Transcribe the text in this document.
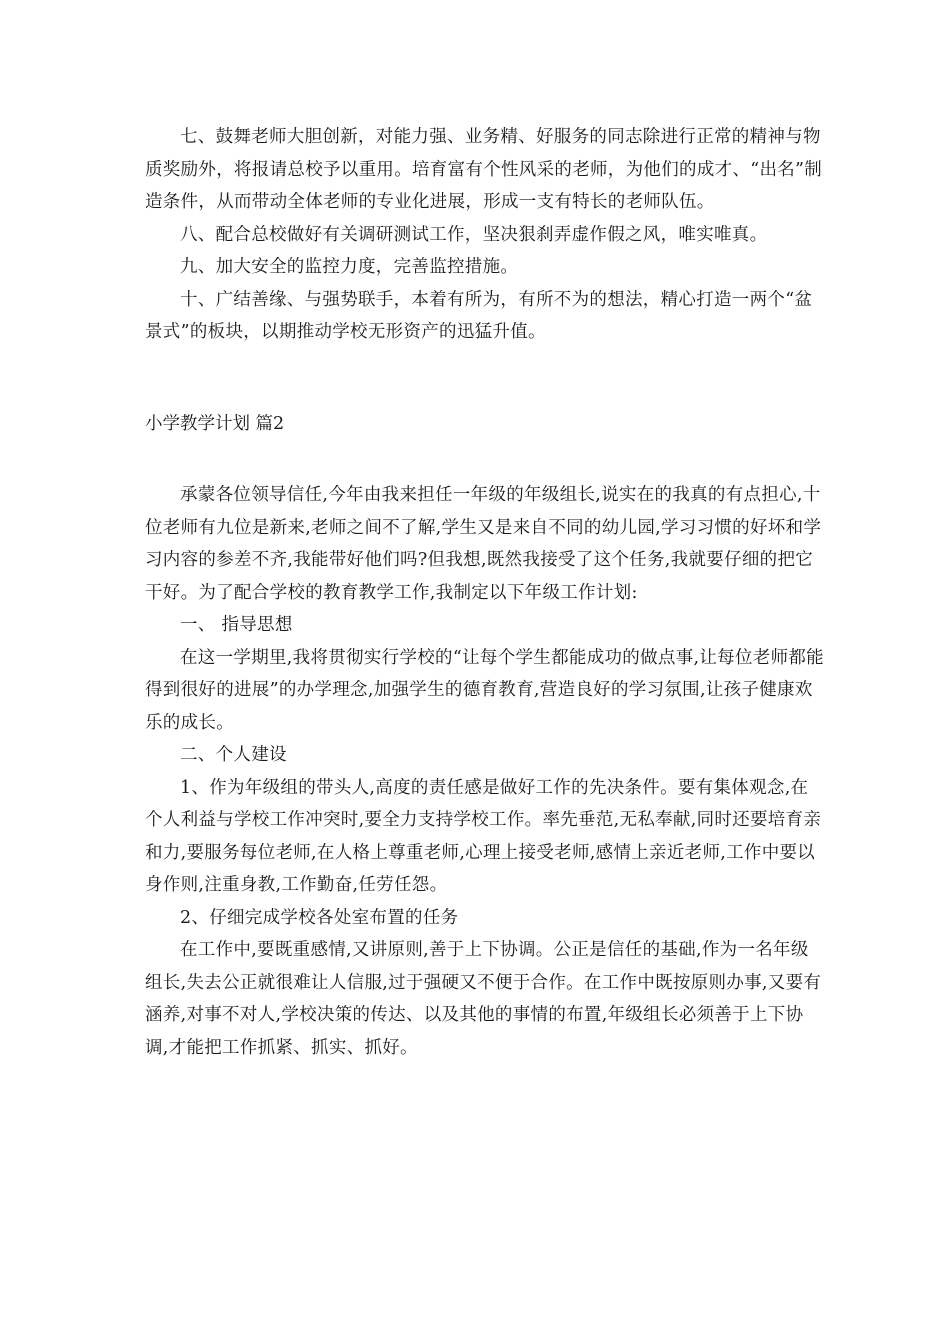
七、鼓舞老师大胆创新，对能力强、业务精、好服务的同志除进行正常的精神与物质奖励外，将报请总校予以重用。培育富有个性风采的老师，为他们的成才、“出名”制造条件，从而带动全体老师的专业化进展，形成一支有特长的老师队伍。

八、配合总校做好有关调研测试工作，坚决狠刹弄虚作假之风，唯实唯真。

九、加大安全的监控力度，完善监控措施。

十、广结善缘、与强势联手，本着有所为，有所不为的想法，精心打造一两个“盆景式”的板块，以期推动学校无形资产的迅猛升值。

小学教学计划 篇2

承蒙各位领导信任,今年由我来担任一年级的年级组长,说实在的我真的有点担心,十位老师有九位是新来,老师之间不了解,学生又是来自不同的幼儿园,学习习惯的好坏和学习内容的参差不齐,我能带好他们吗?但我想,既然我接受了这个任务,我就要仔细的把它干好。为了配合学校的教育教学工作,我制定以下年级工作计划:

一、 指导思想

在这一学期里,我将贯彻实行学校的“让每个学生都能成功的做点事,让每位老师都能得到很好的进展”的办学理念,加强学生的德育教育,营造良好的学习氛围,让孩子健康欢乐的成长。

二、个人建设

1、作为年级组的带头人,高度的责任感是做好工作的先决条件。要有集体观念,在个人利益与学校工作冲突时,要全力支持学校工作。率先垂范,无私奉献,同时还要培育亲和力,要服务每位老师,在人格上尊重老师,心理上接受老师,感情上亲近老师,工作中要以身作则,注重身教,工作勤奋,任劳任怨。

2、仔细完成学校各处室布置的任务

在工作中,要既重感情,又讲原则,善于上下协调。公正是信任的基础,作为一名年级组长,失去公正就很难让人信服,过于强硬又不便于合作。在工作中既按原则办事,又要有涵养,对事不对人,学校决策的传达、以及其他的事情的布置,年级组长必须善于上下协调,才能把工作抓紧、抓实、抓好。
